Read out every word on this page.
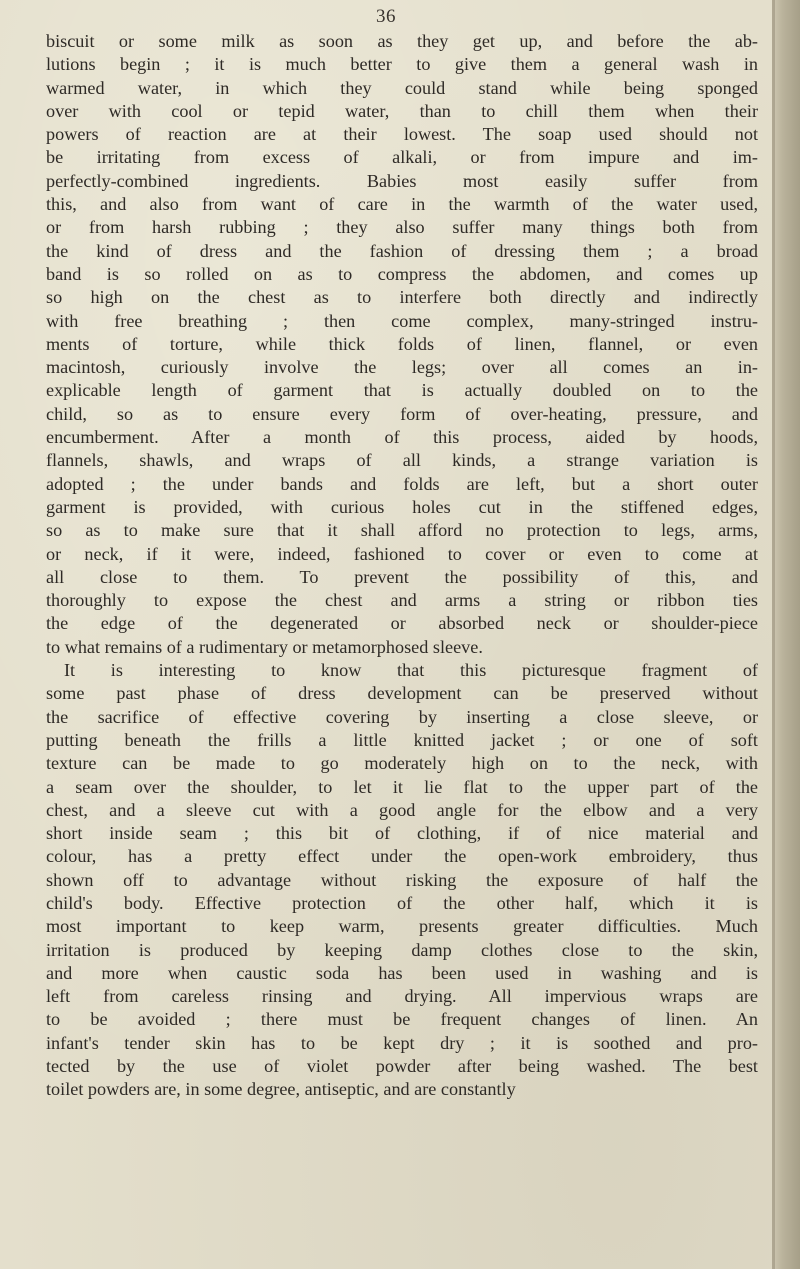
36
biscuit or some milk as soon as they get up, and before the ab-
lutions begin ; it is much better to give them a general wash in
warmed water, in which they could stand while being sponged
over with cool or tepid water, than to chill them when their
powers of reaction are at their lowest. The soap used should not
be irritating from excess of alkali, or from impure and im-
perfectly-combined ingredients. Babies most easily suffer from
this, and also from want of care in the warmth of the water used,
or from harsh rubbing ; they also suffer many things both from
the kind of dress and the fashion of dressing them ; a broad
band is so rolled on as to compress the abdomen, and comes up
so high on the chest as to interfere both directly and indirectly
with free breathing ; then come complex, many-stringed instru-
ments of torture, while thick folds of linen, flannel, or even
macintosh, curiously involve the legs; over all comes an in-
explicable length of garment that is actually doubled on to the
child, so as to ensure every form of over-heating, pressure, and
encumberment. After a month of this process, aided by hoods,
flannels, shawls, and wraps of all kinds, a strange variation is
adopted ; the under bands and folds are left, but a short outer
garment is provided, with curious holes cut in the stiffened edges,
so as to make sure that it shall afford no protection to legs, arms,
or neck, if it were, indeed, fashioned to cover or even to come at
all close to them. To prevent the possibility of this, and
thoroughly to expose the chest and arms a string or ribbon ties
the edge of the degenerated or absorbed neck or shoulder-piece
to what remains of a rudimentary or metamorphosed sleeve.
It is interesting to know that this picturesque fragment of
some past phase of dress development can be preserved without
the sacrifice of effective covering by inserting a close sleeve, or
putting beneath the frills a little knitted jacket ; or one of soft
texture can be made to go moderately high on to the neck, with
a seam over the shoulder, to let it lie flat to the upper part of the
chest, and a sleeve cut with a good angle for the elbow and a very
short inside seam ; this bit of clothing, if of nice material and
colour, has a pretty effect under the open-work embroidery, thus
shown off to advantage without risking the exposure of half the
child's body. Effective protection of the other half, which it is
most important to keep warm, presents greater difficulties. Much
irritation is produced by keeping damp clothes close to the skin,
and more when caustic soda has been used in washing and is
left from careless rinsing and drying. All impervious wraps are
to be avoided ; there must be frequent changes of linen. An
infant's tender skin has to be kept dry ; it is soothed and pro-
tected by the use of violet powder after being washed. The best
toilet powders are, in some degree, antiseptic, and are constantly
